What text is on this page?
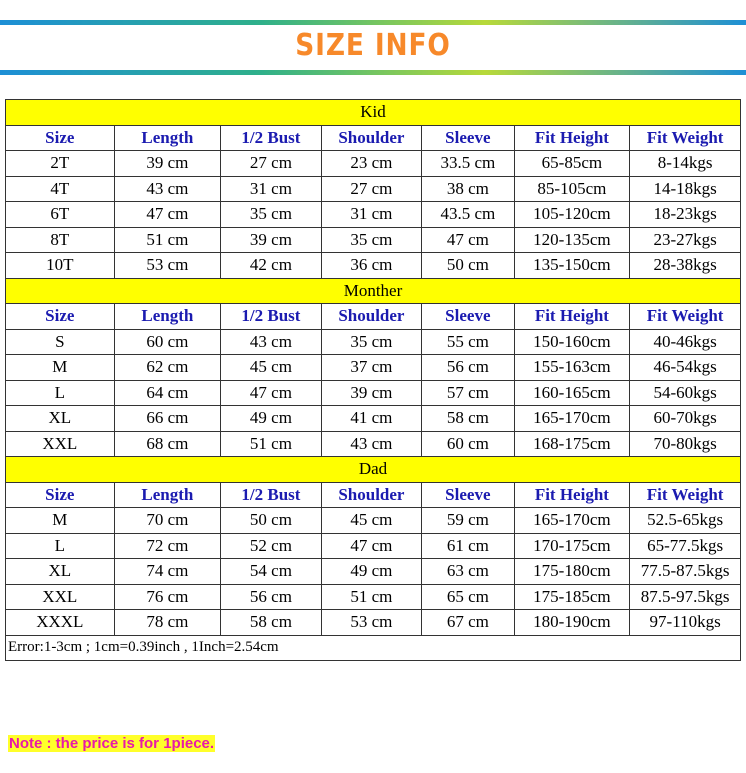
SIZE INFO
Kid						
Size	Length	1/2 Bust	Shoulder	Sleeve	Fit Height	Fit Weight
2T	39 cm	27 cm	23 cm	33.5 cm	65-85cm	8-14kgs
4T	43 cm	31 cm	27 cm	38 cm	85-105cm	14-18kgs
6T	47 cm	35 cm	31 cm	43.5 cm	105-120cm	18-23kgs
8T	51 cm	39 cm	35 cm	47 cm	120-135cm	23-27kgs
10T	53 cm	42 cm	36 cm	50 cm	135-150cm	28-38kgs
Monther						
Size	Length	1/2 Bust	Shoulder	Sleeve	Fit Height	Fit Weight
S	60 cm	43 cm	35 cm	55 cm	150-160cm	40-46kgs
M	62 cm	45 cm	37 cm	56 cm	155-163cm	46-54kgs
L	64 cm	47 cm	39 cm	57 cm	160-165cm	54-60kgs
XL	66 cm	49 cm	41 cm	58 cm	165-170cm	60-70kgs
XXL	68 cm	51 cm	43 cm	60 cm	168-175cm	70-80kgs
Dad						
Size	Length	1/2 Bust	Shoulder	Sleeve	Fit Height	Fit Weight
M	70 cm	50 cm	45 cm	59 cm	165-170cm	52.5-65kgs
L	72 cm	52 cm	47 cm	61 cm	170-175cm	65-77.5kgs
XL	74 cm	54 cm	49 cm	63 cm	175-180cm	77.5-87.5kgs
XXL	76 cm	56 cm	51 cm	65 cm	175-185cm	87.5-97.5kgs
XXXL	78 cm	58 cm	53 cm	67 cm	180-190cm	97-110kgs
Error:1-3cm ; 1cm=0.39inch , 1Inch=2.54cm						
Note : the price is for 1piece.
